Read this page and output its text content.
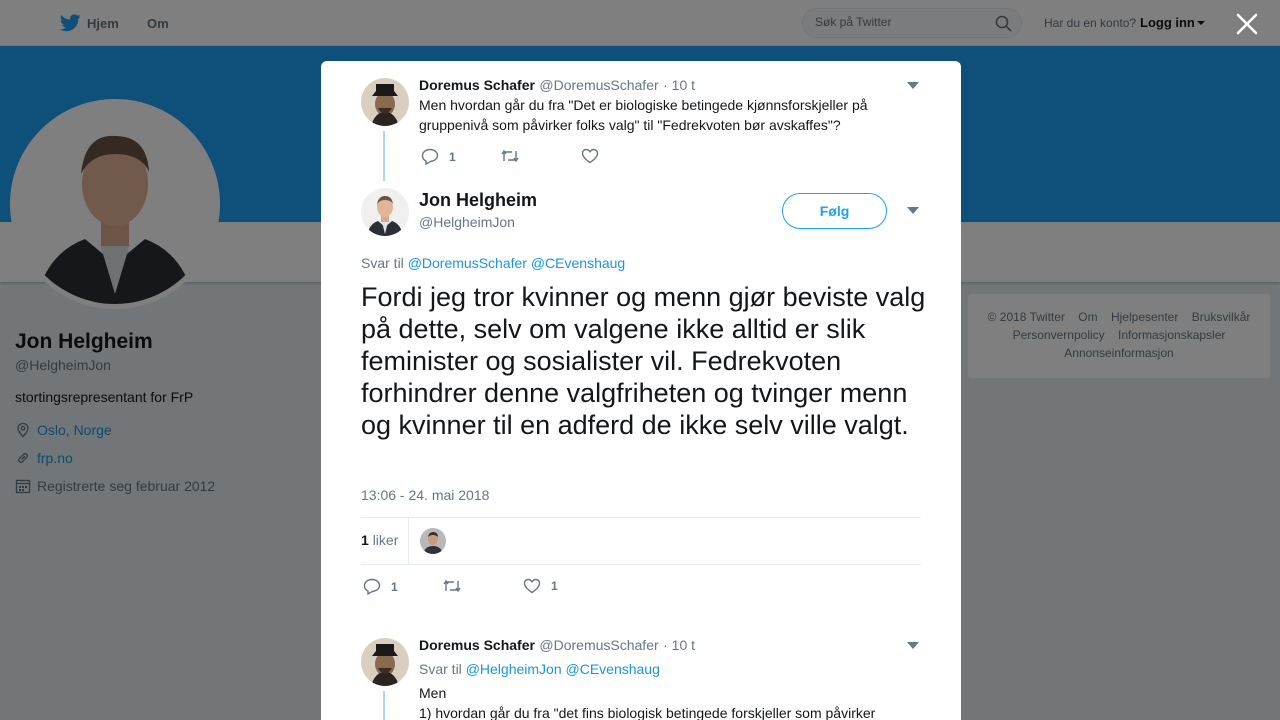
Søk på Twitter

Doremus Schafer @DoremusSchafer · 10 t
Men hvordan går du fra "Det er biologiske betingede kjønnsforskjeller på gruppenivå som påvirker folks valg" til "Fedrekvoten bør avskaffes"?
1
Jon Helgheim
@HelgheimJon
Følg
Svar til @DoremusSchafer @CEvenshaug
Fordi jeg tror kvinner og menn gjør beviste valg på dette, selv om valgene ikke alltid er slik feminister og sosialister vil. Fedrekvoten forhindrer denne valgfriheten og tvinger menn og kvinner til en adferd de ikke selv ville valgt.
13:06 - 24. mai 2018
1 liker
1	1
Doremus Schafer @DoremusSchafer · 10 t
Svar til @HelgheimJon @CEvenshaug
Men
1) hvordan går du fra "det fins biologisk betingede forskjeller som påvirker
